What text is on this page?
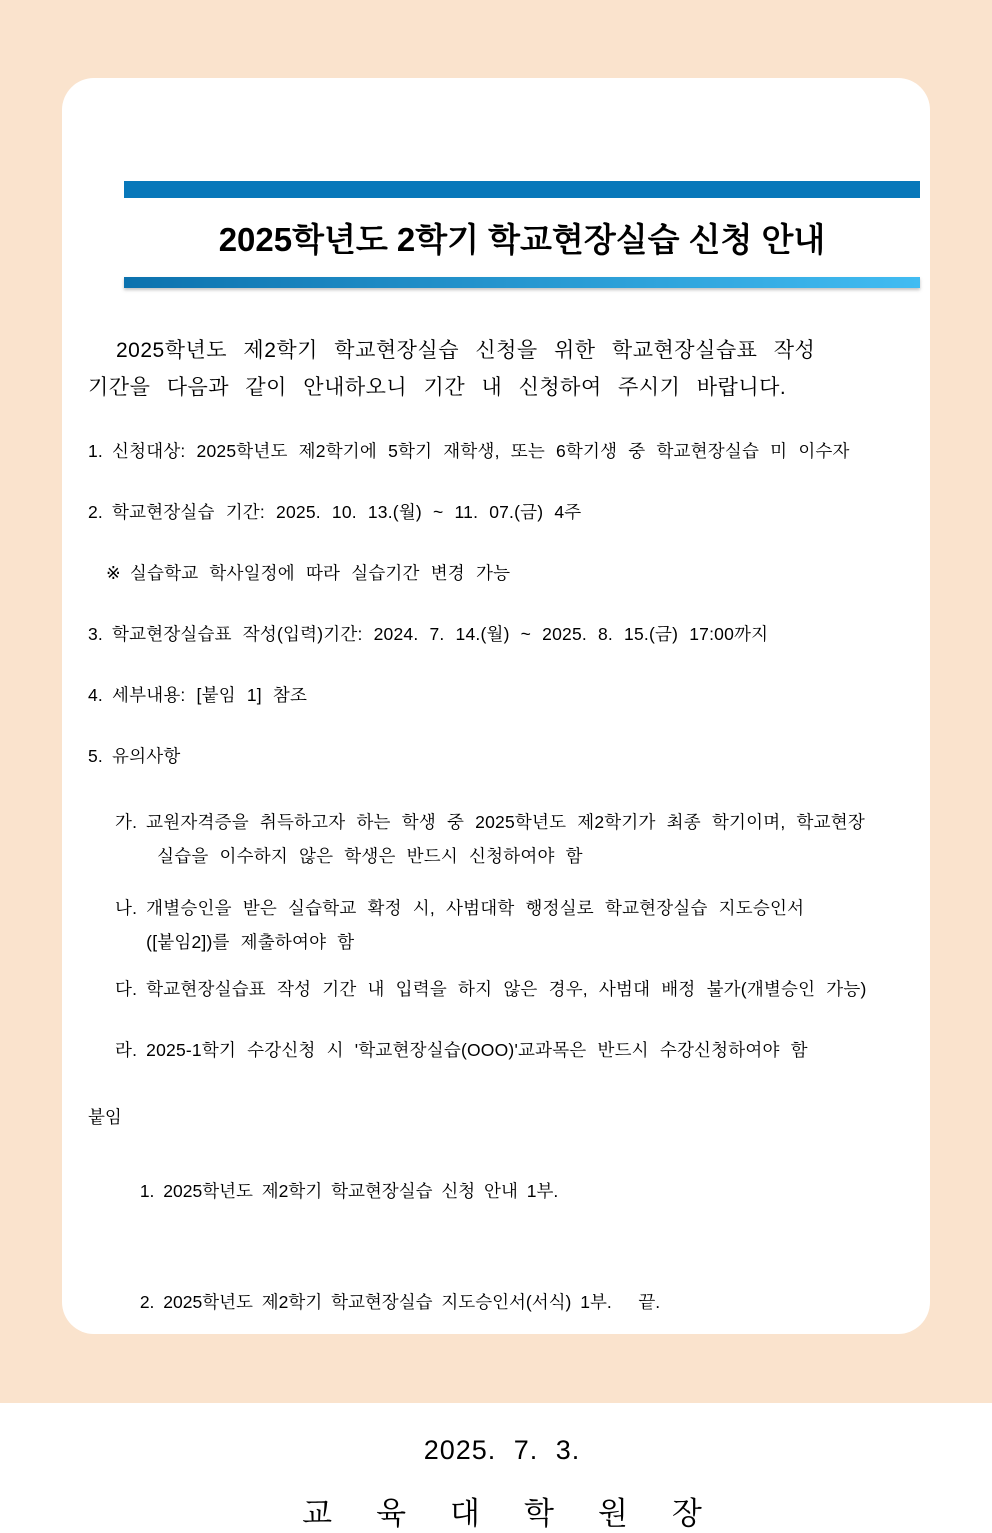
2025학년도 2학기 학교현장실습 신청 안내
2025학년도 제2학기 학교현장실습 신청을 위한 학교현장실습표 작성
기간을 다음과 같이 안내하오니 기간 내 신청하여 주시기 바랍니다.
1. 신청대상: 2025학년도 제2학기에 5학기 재학생, 또는 6학기생 중 학교현장실습 미 이수자
2. 학교현장실습 기간: 2025. 10. 13.(월) ~ 11. 07.(금) 4주
※ 실습학교 학사일정에 따라 실습기간 변경 가능
3. 학교현장실습표 작성(입력)기간: 2024. 7. 14.(월) ~ 2025. 8. 15.(금) 17:00까지
4. 세부내용: [붙임 1] 참조
5. 유의사항
가. 교원자격증을 취득하고자 하는 학생 중 2025학년도 제2학기가 최종 학기이며, 학교현장
실습을 이수하지 않은 학생은 반드시 신청하여야 함
나. 개별승인을 받은 실습학교 확정 시, 사범대학 행정실로 학교현장실습 지도승인서
([붙임2])를 제출하여야 함
다. 학교현장실습표 작성 기간 내 입력을 하지 않은 경우, 사범대 배정 불가(개별승인 가능)
라. 2025-1학기 수강신청 시 '학교현장실습(OOO)'교과목은 반드시 수강신청하여야 함
붙임

1. 2025학년도 제2학기 학교현장실습 신청 안내 1부.

2. 2025학년도 제2학기 학교현장실습 지도승인서(서식) 1부.   끝.

2025. 7. 3.
교육대학원장
